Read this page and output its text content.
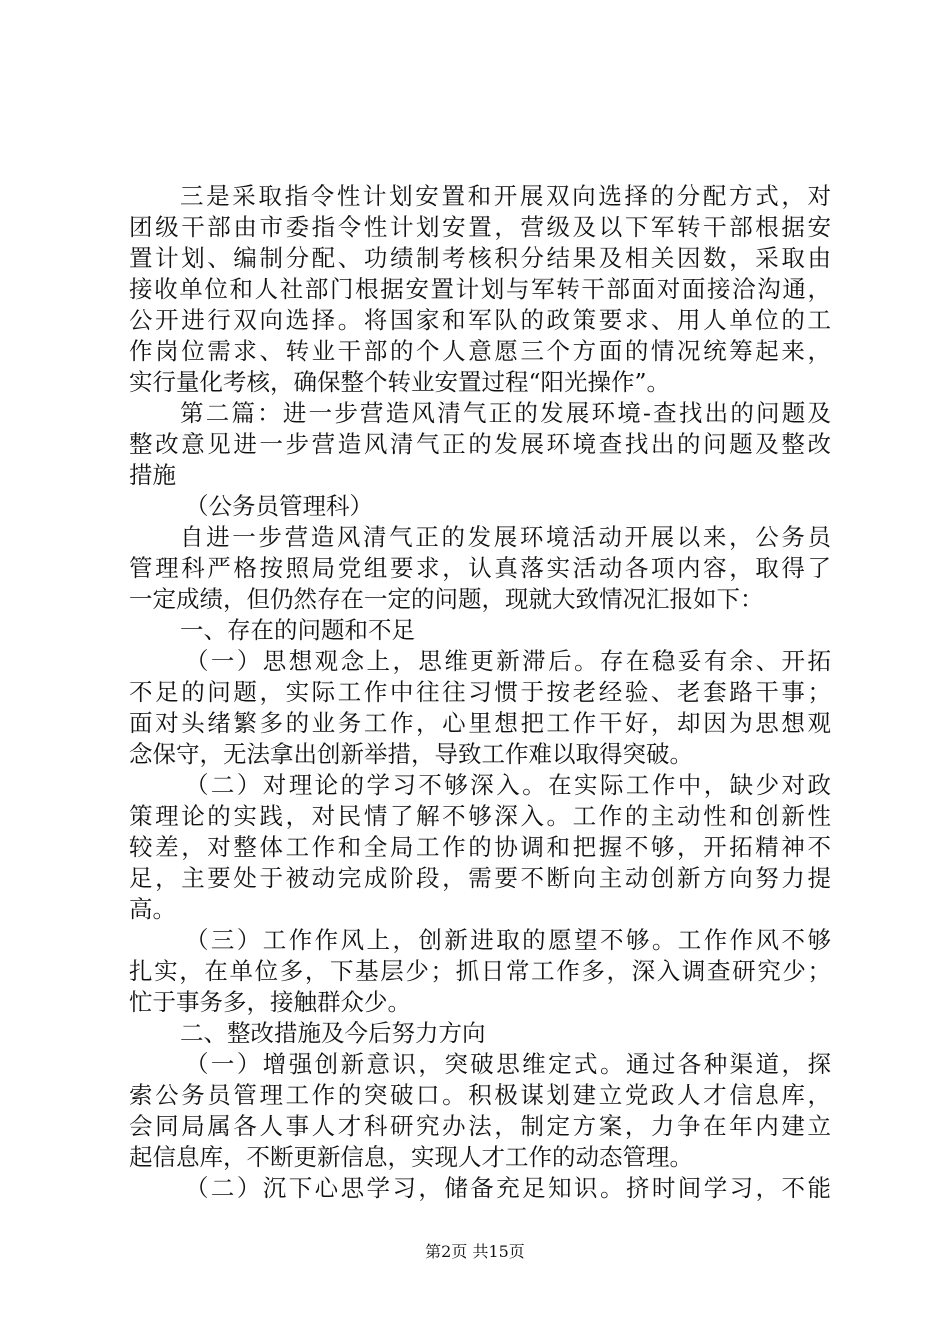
三是采取指令性计划安置和开展双向选择的分配方式，对
团级干部由市委指令性计划安置，营级及以下军转干部根据安
置计划、编制分配、功绩制考核积分结果及相关因数，采取由
接收单位和人社部门根据安置计划与军转干部面对面接洽沟通，
公开进行双向选择。将国家和军队的政策要求、用人单位的工
作岗位需求、转业干部的个人意愿三个方面的情况统筹起来，
实行量化考核，确保整个转业安置过程“阳光操作”。
第二篇：进一步营造风清气正的发展环境-查找出的问题及
整改意见进一步营造风清气正的发展环境查找出的问题及整改
措施
（公务员管理科）
自进一步营造风清气正的发展环境活动开展以来，公务员
管理科严格按照局党组要求，认真落实活动各项内容，取得了
一定成绩，但仍然存在一定的问题，现就大致情况汇报如下：
一、存在的问题和不足
（一）思想观念上，思维更新滞后。存在稳妥有余、开拓
不足的问题，实际工作中往往习惯于按老经验、老套路干事；
面对头绪繁多的业务工作，心里想把工作干好，却因为思想观
念保守，无法拿出创新举措，导致工作难以取得突破。
（二）对理论的学习不够深入。在实际工作中，缺少对政
策理论的实践，对民情了解不够深入。工作的主动性和创新性
较差，对整体工作和全局工作的协调和把握不够，开拓精神不
足，主要处于被动完成阶段，需要不断向主动创新方向努力提
高。
（三）工作作风上，创新进取的愿望不够。工作作风不够
扎实，在单位多，下基层少；抓日常工作多，深入调查研究少；
忙于事务多，接触群众少。
二、整改措施及今后努力方向
（一）增强创新意识，突破思维定式。通过各种渠道，探
索公务员管理工作的突破口。积极谋划建立党政人才信息库，
会同局属各人事人才科研究办法，制定方案，力争在年内建立
起信息库，不断更新信息，实现人才工作的动态管理。
（二）沉下心思学习，储备充足知识。挤时间学习，不能
第2页 共15页
